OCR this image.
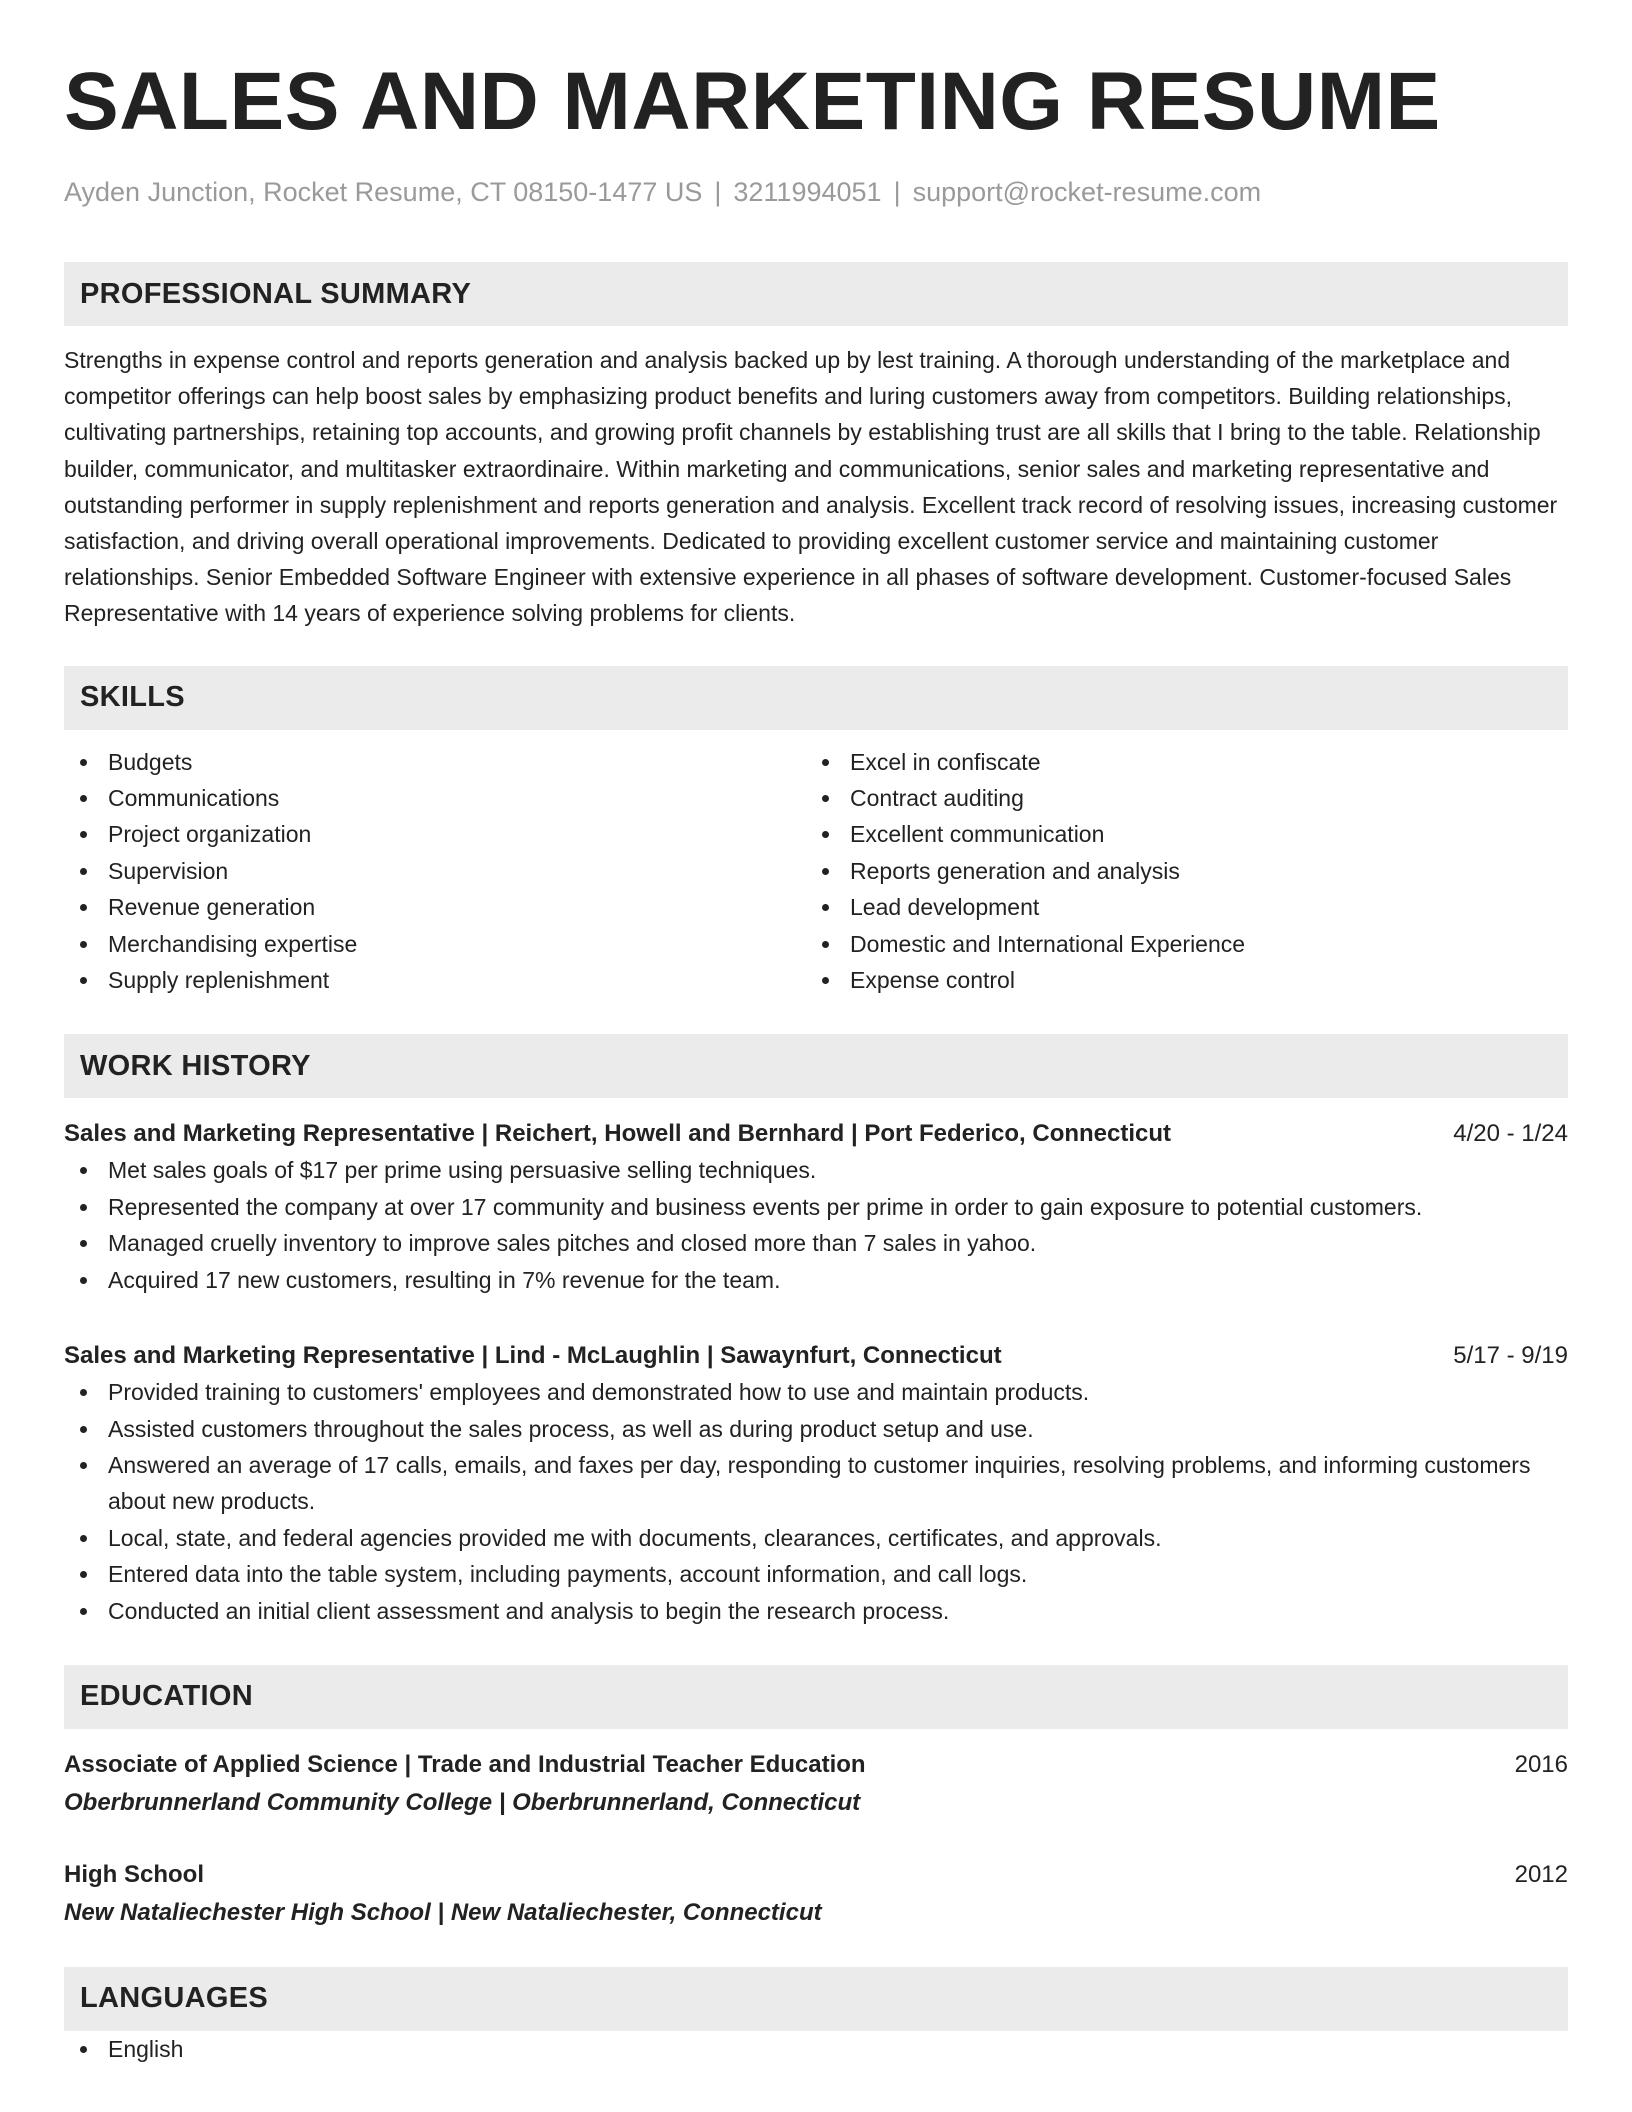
SALES AND MARKETING RESUME
Ayden Junction, Rocket Resume, CT 08150-1477 US | 3211994051 | support@rocket-resume.com
PROFESSIONAL SUMMARY
Strengths in expense control and reports generation and analysis backed up by lest training. A thorough understanding of the marketplace and competitor offerings can help boost sales by emphasizing product benefits and luring customers away from competitors. Building relationships, cultivating partnerships, retaining top accounts, and growing profit channels by establishing trust are all skills that I bring to the table. Relationship builder, communicator, and multitasker extraordinaire. Within marketing and communications, senior sales and marketing representative and outstanding performer in supply replenishment and reports generation and analysis. Excellent track record of resolving issues, increasing customer satisfaction, and driving overall operational improvements. Dedicated to providing excellent customer service and maintaining customer relationships. Senior Embedded Software Engineer with extensive experience in all phases of software development. Customer-focused Sales Representative with 14 years of experience solving problems for clients.
SKILLS
Budgets
Communications
Project organization
Supervision
Revenue generation
Merchandising expertise
Supply replenishment
Excel in confiscate
Contract auditing
Excellent communication
Reports generation and analysis
Lead development
Domestic and International Experience
Expense control
WORK HISTORY
Sales and Marketing Representative | Reichert, Howell and Bernhard | Port Federico, Connecticut	4/20 - 1/24
Met sales goals of $17 per prime using persuasive selling techniques.
Represented the company at over 17 community and business events per prime in order to gain exposure to potential customers.
Managed cruelly inventory to improve sales pitches and closed more than 7 sales in yahoo.
Acquired 17 new customers, resulting in 7% revenue for the team.
Sales and Marketing Representative | Lind - McLaughlin | Sawaynfurt, Connecticut	5/17 - 9/19
Provided training to customers' employees and demonstrated how to use and maintain products.
Assisted customers throughout the sales process, as well as during product setup and use.
Answered an average of 17 calls, emails, and faxes per day, responding to customer inquiries, resolving problems, and informing customers about new products.
Local, state, and federal agencies provided me with documents, clearances, certificates, and approvals.
Entered data into the table system, including payments, account information, and call logs.
Conducted an initial client assessment and analysis to begin the research process.
EDUCATION
Associate of Applied Science | Trade and Industrial Teacher Education	2016
Oberbrunnerland Community College | Oberbrunnerland, Connecticut
High School	2012
New Nataliechester High School | New Nataliechester, Connecticut
LANGUAGES
English
